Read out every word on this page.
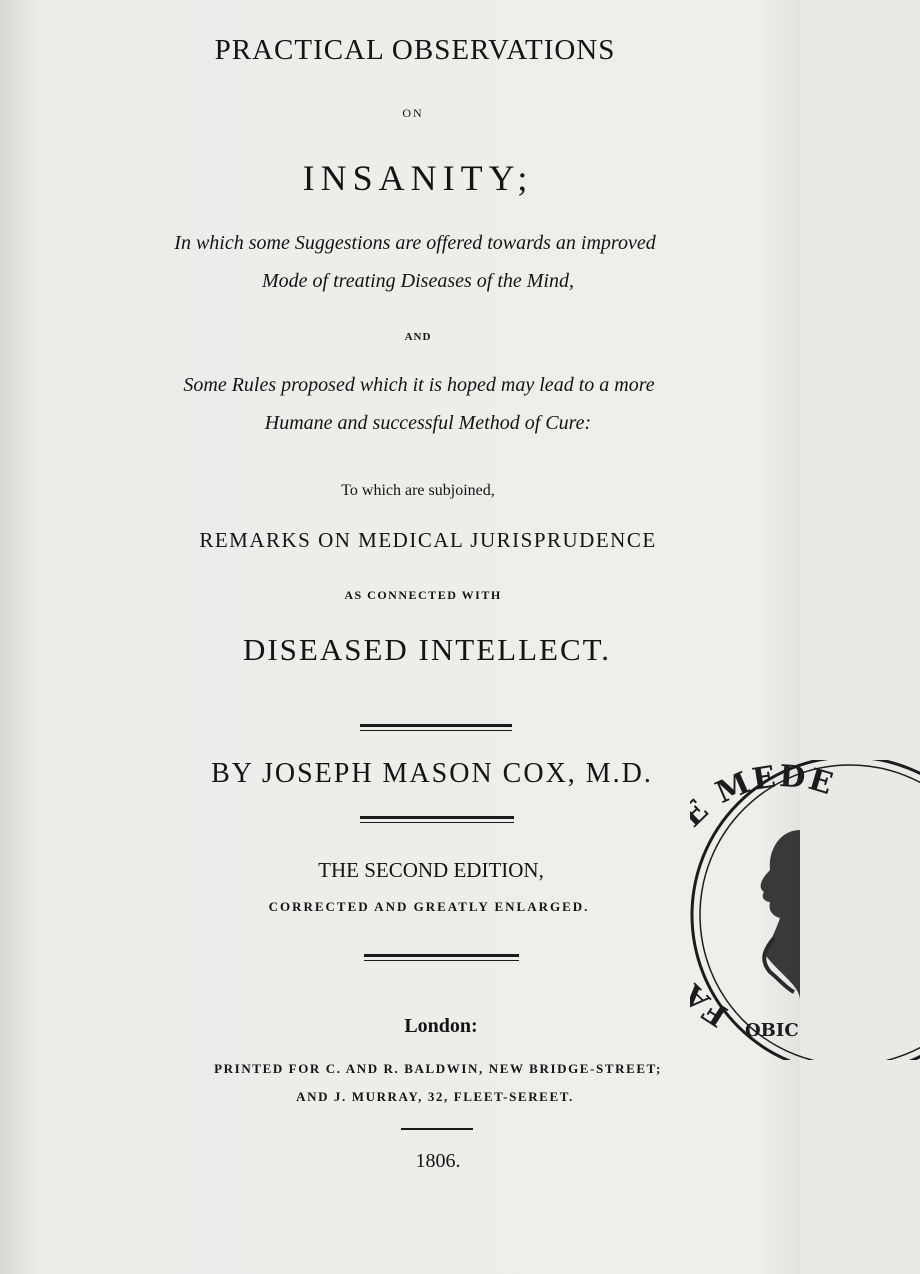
PRACTICAL OBSERVATIONS
ON
INSANITY;
In which some Suggestions are offered towards an improved
Mode of treating Diseases of the Mind,
AND
Some Rules proposed which it is hoped may lead to a more
Humane and successful Method of Cure:
To which are subjoined,
REMARKS ON MEDICAL JURISPRUDENCE
AS CONNECTED WITH
DISEASED INTELLECT.
BY JOSEPH MASON COX, M.D.
THE SECOND EDITION,
CORRECTED AND GREATLY ENLARGED.
London:
PRINTED FOR C. AND R. BALDWIN, NEW BRIDGE-STREET;
AND J. MURRAY, 32, FLEET-SEREET.
1806.
F MEDE
OBIC
